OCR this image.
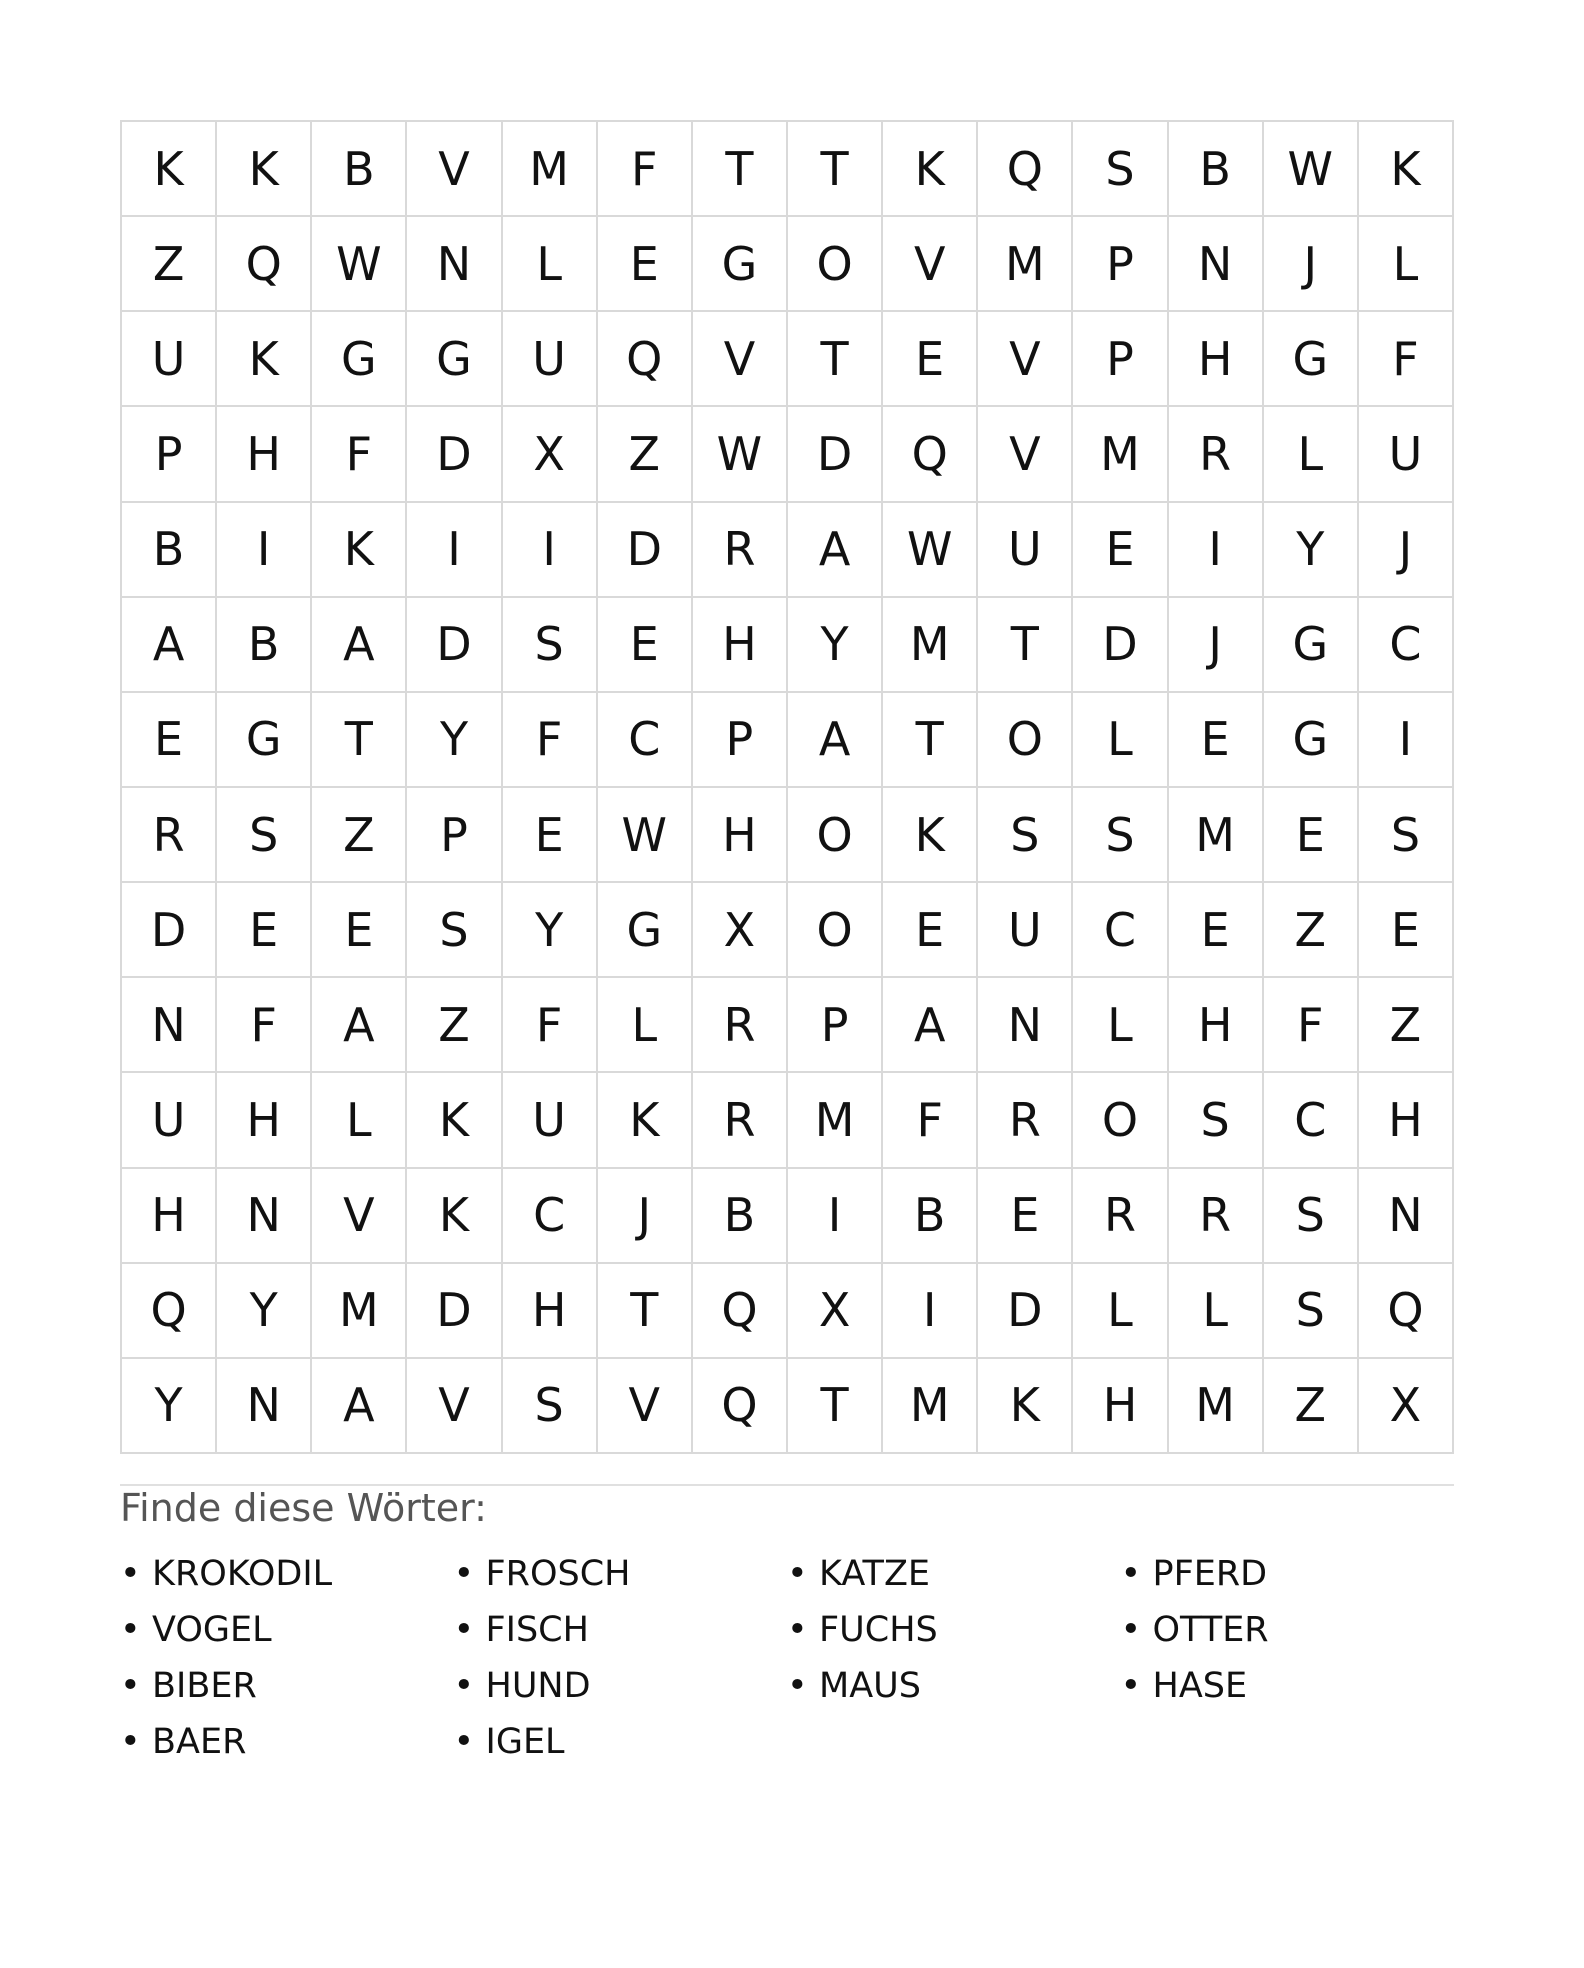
K	K	B	V	M	F	T	T	K	Q	S	B	W	K
Z	Q	W	N	L	E	G	O	V	M	P	N	J	L
U	K	G	G	U	Q	V	T	E	V	P	H	G	F
P	H	F	D	X	Z	W	D	Q	V	M	R	L	U
B	I	K	I	I	D	R	A	W	U	E	I	Y	J
A	B	A	D	S	E	H	Y	M	T	D	J	G	C
E	G	T	Y	F	C	P	A	T	O	L	E	G	I
R	S	Z	P	E	W	H	O	K	S	S	M	E	S
D	E	E	S	Y	G	X	O	E	U	C	E	Z	E
N	F	A	Z	F	L	R	P	A	N	L	H	F	Z
U	H	L	K	U	K	R	M	F	R	O	S	C	H
H	N	V	K	C	J	B	I	B	E	R	R	S	N
Q	Y	M	D	H	T	Q	X	I	D	L	L	S	Q
Y	N	A	V	S	V	Q	T	M	K	H	M	Z	X
Finde diese Wörter:
• KROKODIL	• FROSCH	• KATZE	• PFERD
• VOGEL	• FISCH	• FUCHS	• OTTER
• BIBER	• HUND	• MAUS	• HASE
• BAER	• IGEL
